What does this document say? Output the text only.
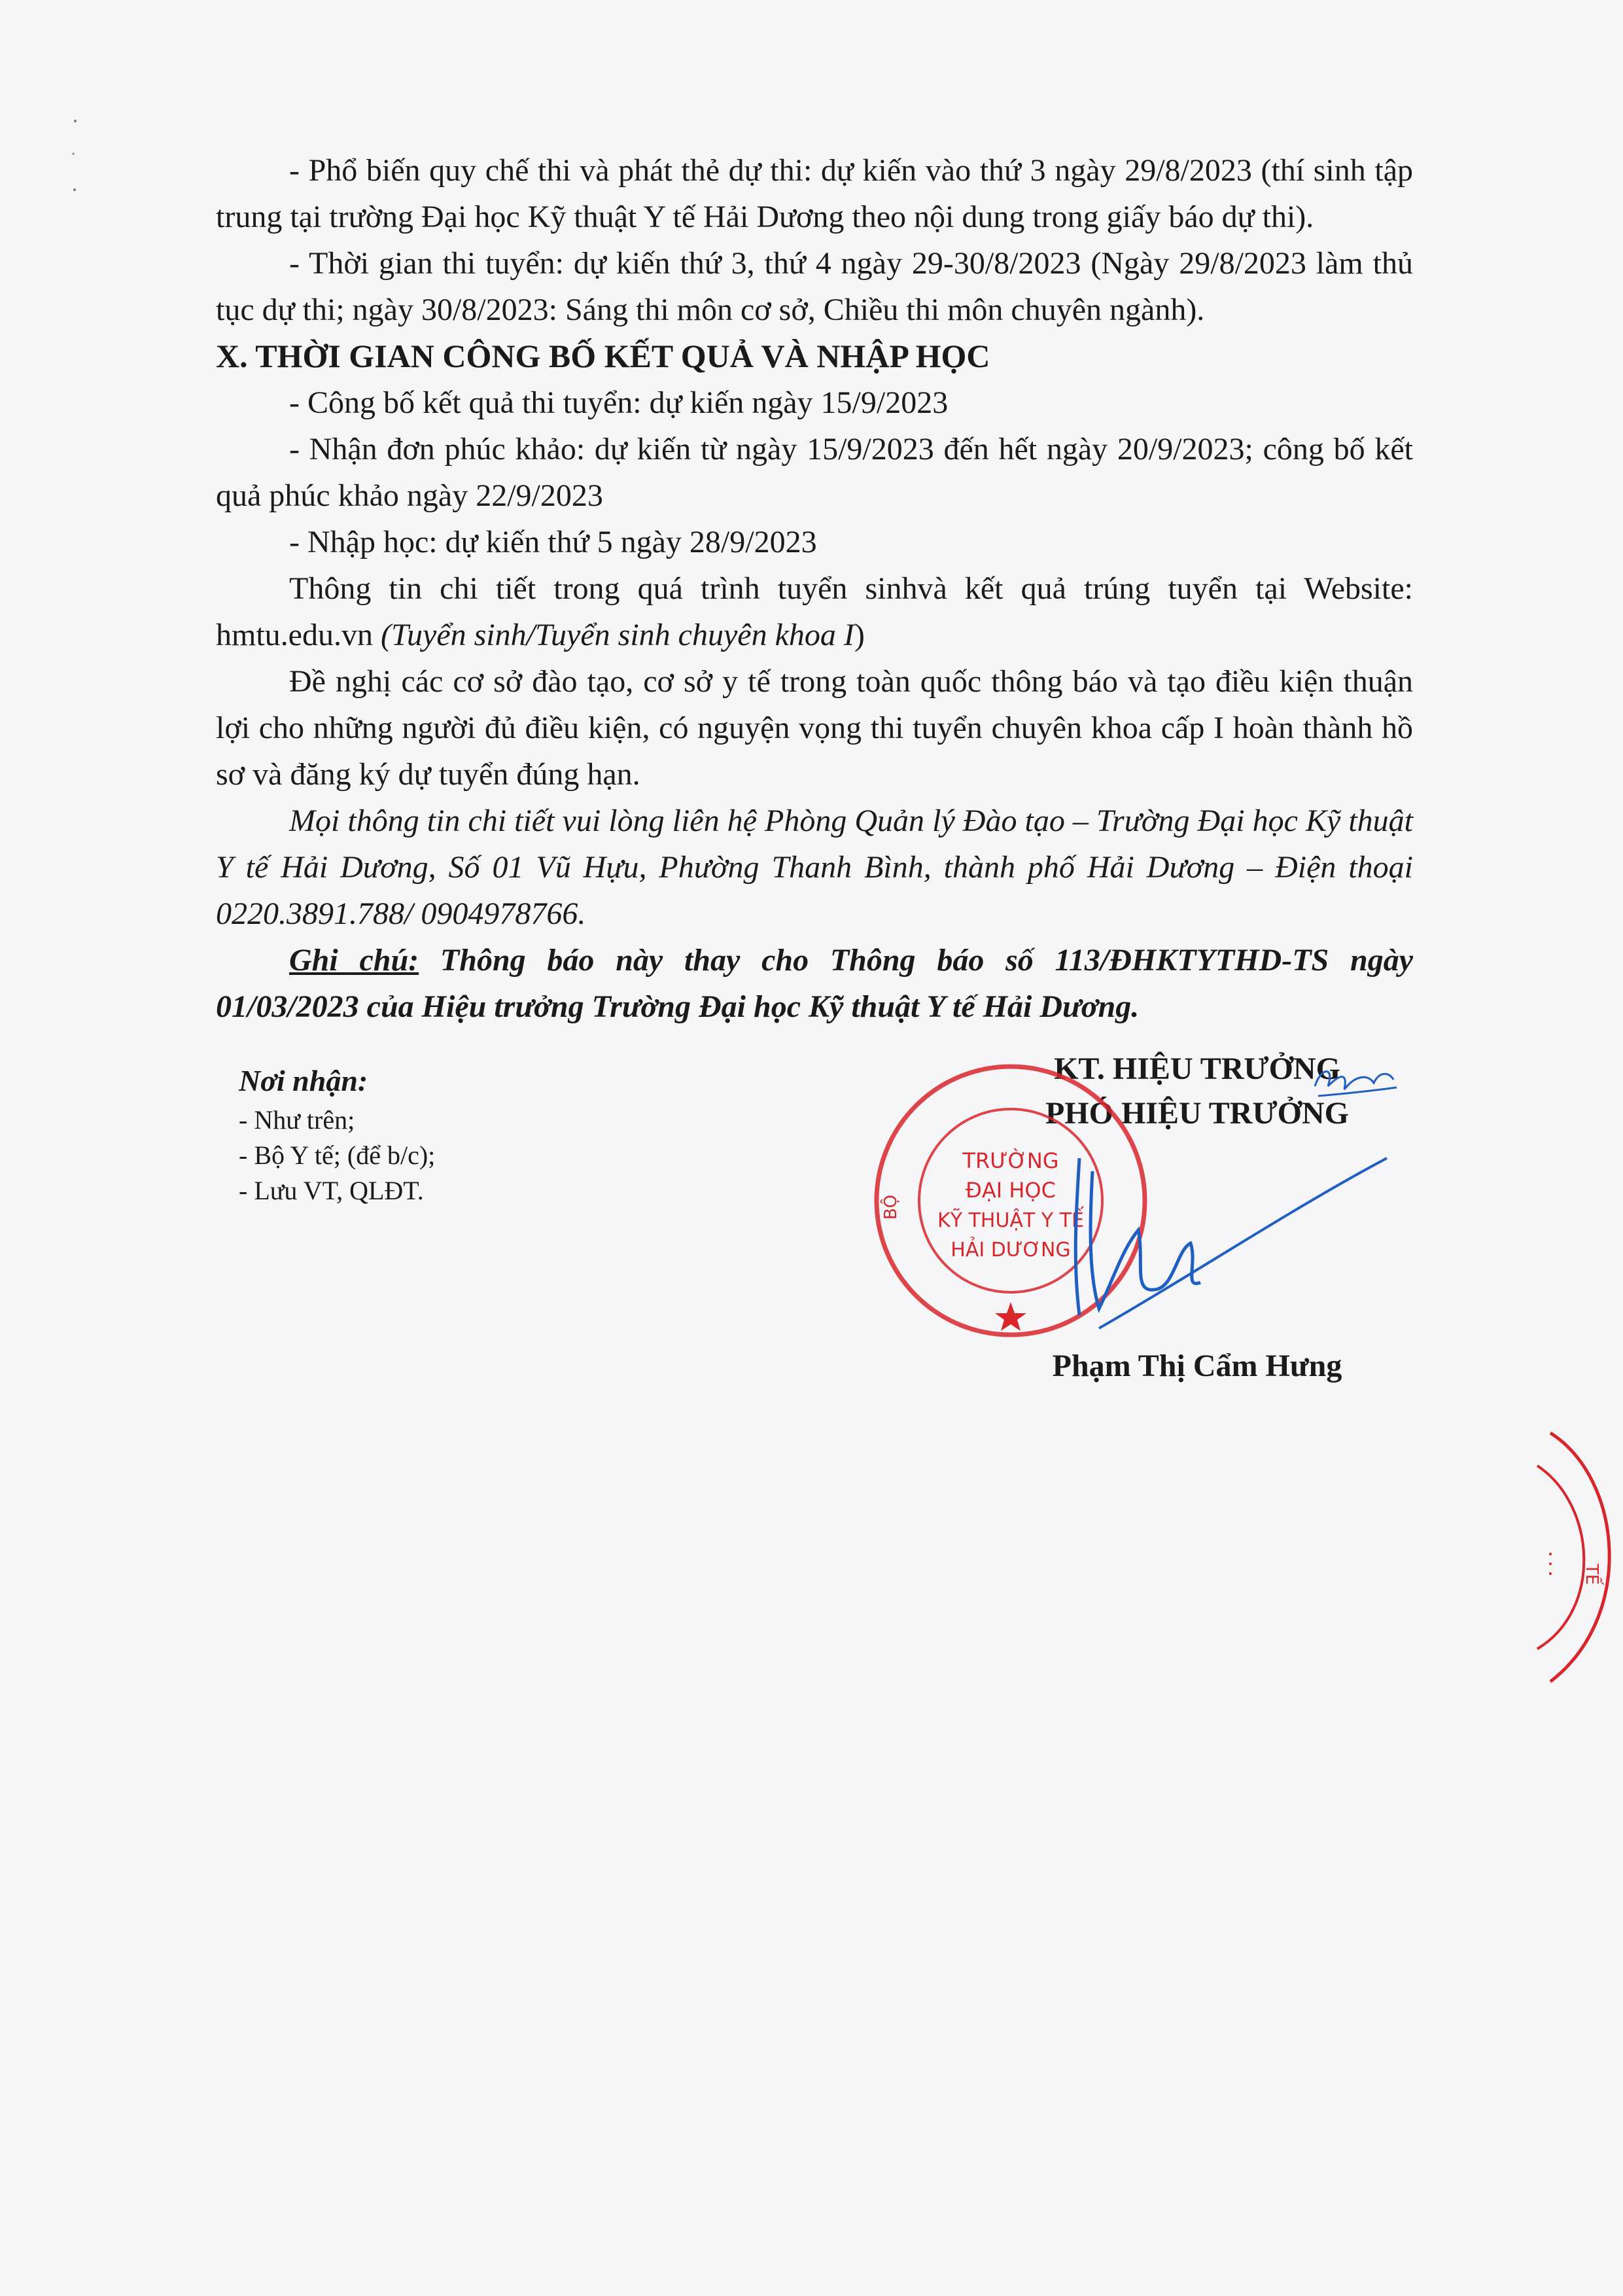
- Phổ biến quy chế thi và phát thẻ dự thi: dự kiến vào thứ 3 ngày 29/8/2023 (thí sinh tập trung tại trường Đại học Kỹ thuật Y tế Hải Dương theo nội dung trong giấy báo dự thi).

- Thời gian thi tuyển: dự kiến thứ 3, thứ 4 ngày 29-30/8/2023 (Ngày 29/8/2023 làm thủ tục dự thi; ngày 30/8/2023: Sáng thi môn cơ sở, Chiều thi môn chuyên ngành).

X. THỜI GIAN CÔNG BỐ KẾT QUẢ VÀ NHẬP HỌC

- Công bố kết quả thi tuyển: dự kiến ngày 15/9/2023

- Nhận đơn phúc khảo: dự kiến từ ngày 15/9/2023 đến hết ngày 20/9/2023; công bố kết quả phúc khảo ngày 22/9/2023

- Nhập học: dự kiến thứ 5 ngày 28/9/2023

Thông tin chi tiết trong quá trình tuyển sinhvà kết quả trúng tuyển tại Website: hmtu.edu.vn (Tuyển sinh/Tuyển sinh chuyên khoa I)

Đề nghị các cơ sở đào tạo, cơ sở y tế trong toàn quốc thông báo và tạo điều kiện thuận lợi cho những người đủ điều kiện, có nguyện vọng thi tuyển chuyên khoa cấp I hoàn thành hồ sơ và đăng ký dự tuyển đúng hạn.

Mọi thông tin chi tiết vui lòng liên hệ Phòng Quản lý Đào tạo – Trường Đại học Kỹ thuật Y tế Hải Dương, Số 01 Vũ Hựu, Phường Thanh Bình, thành phố Hải Dương – Điện thoại 0220.3891.788/ 0904978766.

Ghi chú: Thông báo này thay cho Thông báo số 113/ĐHKTYTHD-TS ngày 01/03/2023 của Hiệu trưởng Trường Đại học Kỹ thuật Y tế Hải Dương.

Nơi nhận:
- Như trên;
- Bộ Y tế; (để b/c);
- Lưu VT, QLĐT.
KT. HIỆU TRƯỞNG
PHÓ HIỆU TRƯỞNG
TRƯỜNG
ĐẠI HỌC
KỸ THUẬT Y TẾ
HẢI DƯƠNG
BỘ
Phạm Thị Cẩm Hưng
TẾ
